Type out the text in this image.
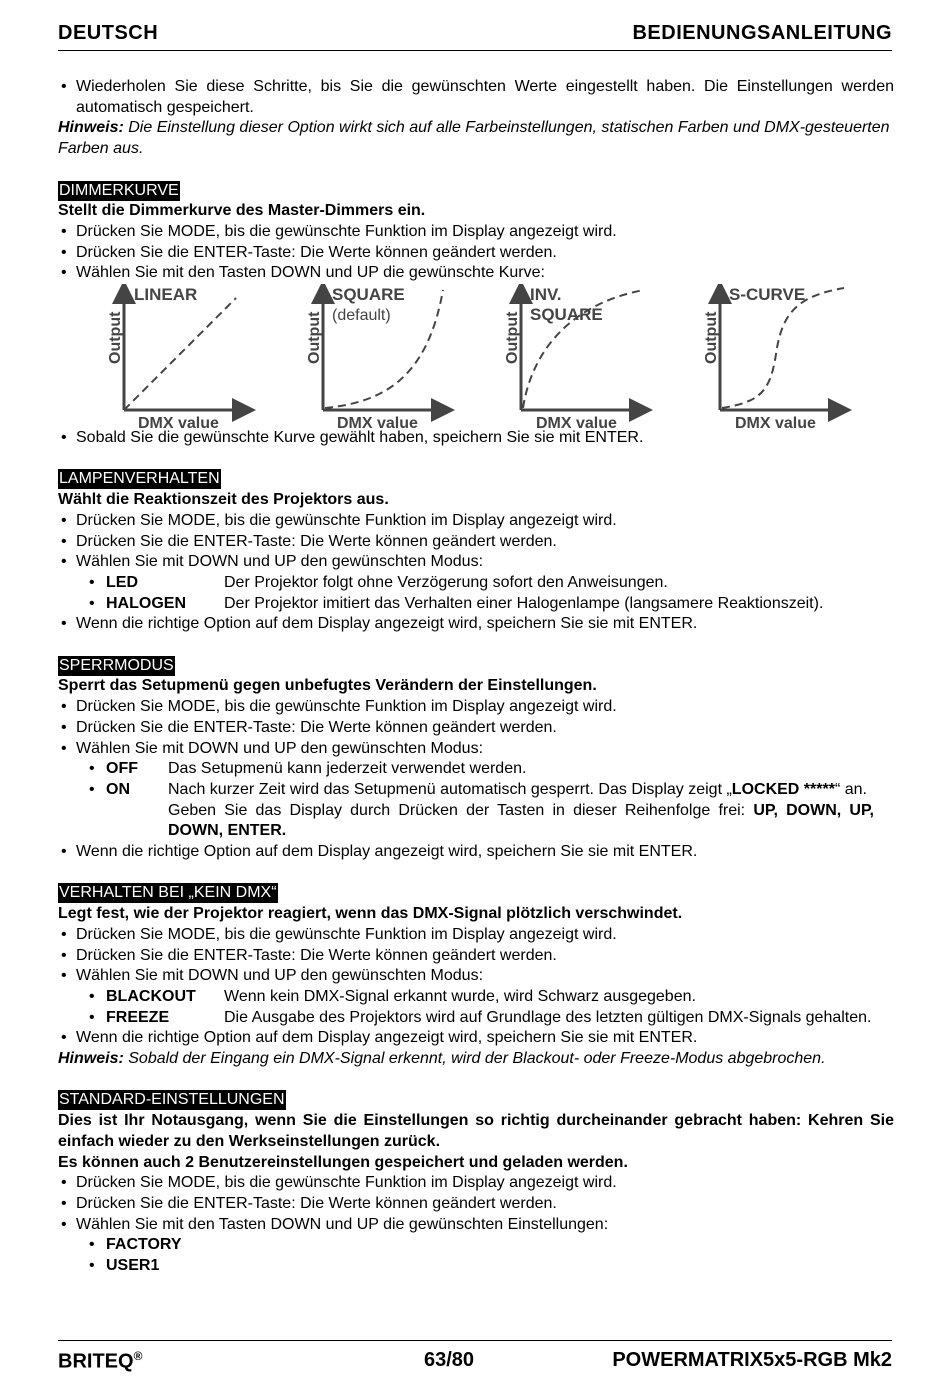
DEUTSCH	BEDIENUNGSANLEITUNG

• Wiederholen Sie diese Schritte, bis Sie die gewünschten Werte eingestellt haben. Die Einstellungen werden automatisch gespeichert.

Hinweis: Die Einstellung dieser Option wirkt sich auf alle Farbeinstellungen, statischen Farben und DMX-gesteuerten Farben aus.

DIMMERKURVE

Stellt die Dimmerkurve des Master-Dimmers ein.

• Drücken Sie MODE, bis die gewünschte Funktion im Display angezeigt wird.

• Drücken Sie die ENTER-Taste: Die Werte können geändert werden.

• Wählen Sie mit den Tasten DOWN und UP die gewünschte Kurve:

LINEAR
Output
DMX value
SQUARE
(default)
Output
DMX value
INV.
SQUARE
Output
DMX value
S-CURVE
Output
DMX value

• Sobald Sie die gewünschte Kurve gewählt haben, speichern Sie sie mit ENTER.

LAMPENVERHALTEN

Wählt die Reaktionszeit des Projektors aus.

• Drücken Sie MODE, bis die gewünschte Funktion im Display angezeigt wird.

• Drücken Sie die ENTER-Taste: Die Werte können geändert werden.

• Wählen Sie mit DOWN und UP den gewünschten Modus:

• LED	Der Projektor folgt ohne Verzögerung sofort den Anweisungen.

• HALOGEN Der Projektor imitiert das Verhalten einer Halogenlampe (langsamere Reaktionszeit).

• Wenn die richtige Option auf dem Display angezeigt wird, speichern Sie sie mit ENTER.

SPERRMODUS

Sperrt das Setupmenü gegen unbefugtes Verändern der Einstellungen.

• Drücken Sie MODE, bis die gewünschte Funktion im Display angezeigt wird.

• Drücken Sie die ENTER-Taste: Die Werte können geändert werden.

• Wählen Sie mit DOWN und UP den gewünschten Modus:

• OFF Das Setupmenü kann jederzeit verwendet werden.

• ON Nach kurzer Zeit wird das Setupmenü automatisch gesperrt. Das Display zeigt „LOCKED *****“ an.
Geben Sie das Display durch Drücken der Tasten in dieser Reihenfolge frei: UP, DOWN, UP, DOWN, ENTER.

• Wenn die richtige Option auf dem Display angezeigt wird, speichern Sie sie mit ENTER.

VERHALTEN BEI „KEIN DMX“

Legt fest, wie der Projektor reagiert, wenn das DMX-Signal plötzlich verschwindet.

• Drücken Sie MODE, bis die gewünschte Funktion im Display angezeigt wird.

• Drücken Sie die ENTER-Taste: Die Werte können geändert werden.

• Wählen Sie mit DOWN und UP den gewünschten Modus:

• BLACKOUT Wenn kein DMX-Signal erkannt wurde, wird Schwarz ausgegeben.

• FREEZE	Die Ausgabe des Projektors wird auf Grundlage des letzten gültigen DMX-Signals gehalten.

• Wenn die richtige Option auf dem Display angezeigt wird, speichern Sie sie mit ENTER.

Hinweis: Sobald der Eingang ein DMX-Signal erkennt, wird der Blackout- oder Freeze-Modus abgebrochen.

STANDARD-EINSTELLUNGEN

Dies ist Ihr Notausgang, wenn Sie die Einstellungen so richtig durcheinander gebracht haben: Kehren Sie einfach wieder zu den Werkseinstellungen zurück.

Es können auch 2 Benutzereinstellungen gespeichert und geladen werden.

• Drücken Sie MODE, bis die gewünschte Funktion im Display angezeigt wird.

• Drücken Sie die ENTER-Taste: Die Werte können geändert werden.

• Wählen Sie mit den Tasten DOWN und UP die gewünschten Einstellungen:

• FACTORY

• USER1

BRITEQ®	63/80	POWERMATRIX5x5-RGB Mk2
